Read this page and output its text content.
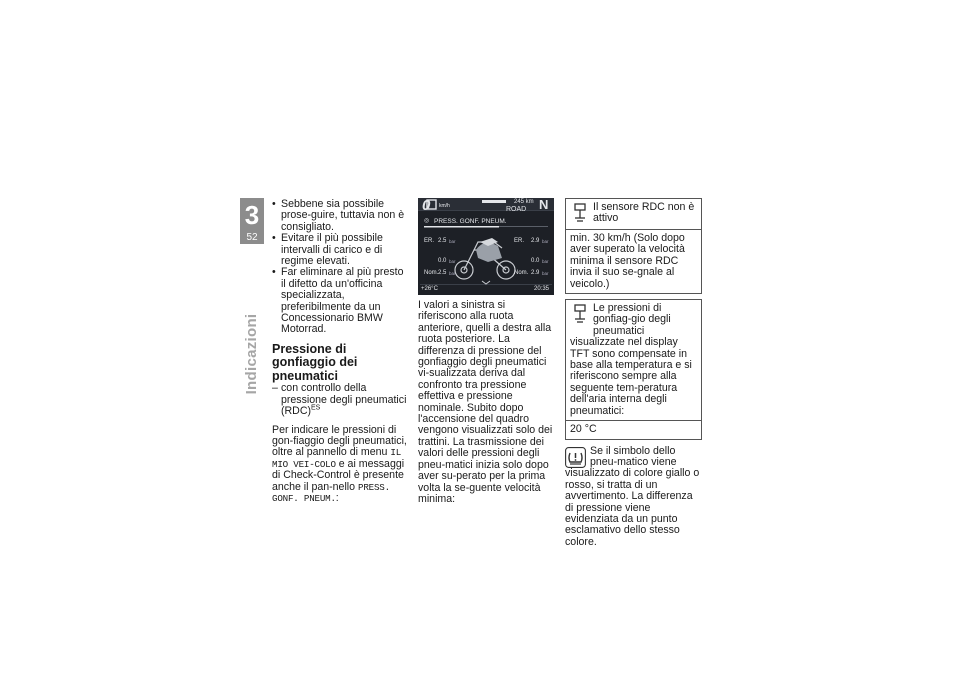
3
52
Indicazioni
• Sebbene sia possibile prose-guire, tuttavia non è consigliato.
• Evitare il più possibile intervalli di carico e di regime elevati.
• Far eliminare al più presto il difetto da un'officina specializzata, preferibilmente da un Concessionario BMW Motorrad.
Pressione di gonfiaggio dei pneumatici
– con controllo della pressione degli pneumatici (RDC)$^{ES}$
Per indicare le pressioni di gon-fiaggio degli pneumatici, oltre al pannello di menu IL MIO VEI-COLO e ai messaggi di Check-Control è presente anche il pan-nello PRESS. GONF. PNEUM.:
km/h
245 km
ROAD N
◎ PRESS. GONF. PNEUM.
ER. 2.5 bar
0.0 bar
Nom. 2.5 bar
ER. 2.9 bar
0.0 bar
Nom. 2.9 bar
+26°C	20:35
0
I valori a sinistra si riferiscono alla ruota anteriore, quelli a destra alla ruota posteriore. La differenza di pressione del gonfiaggio degli pneumatici vi-sualizzata deriva dal confronto tra pressione effettiva e pressione nominale. Subito dopo l'accensione del quadro vengono visualizzati solo dei trattini. La trasmissione dei valori delle pressioni degli pneu-matici inizia solo dopo aver su-perato per la prima volta la se-guente velocità minima:
Il sensore RDC non è attivo
min. 30 km/h (Solo dopo aver superato la velocità minima il sensore RDC invia il suo se-gnale al veicolo.)
Le pressioni di gonfiag-gio degli pneumatici visualizzate nel display TFT sono compensate in base alla temperatura e si riferiscono sempre alla seguente tem-peratura dell'aria interna degli pneumatici:
20 °C
Se il simbolo dello pneu-matico viene visualizzato di colore giallo o rosso, si tratta di un avvertimento. La differenza di pressione viene evidenziata da un punto esclamativo dello stesso colore.
